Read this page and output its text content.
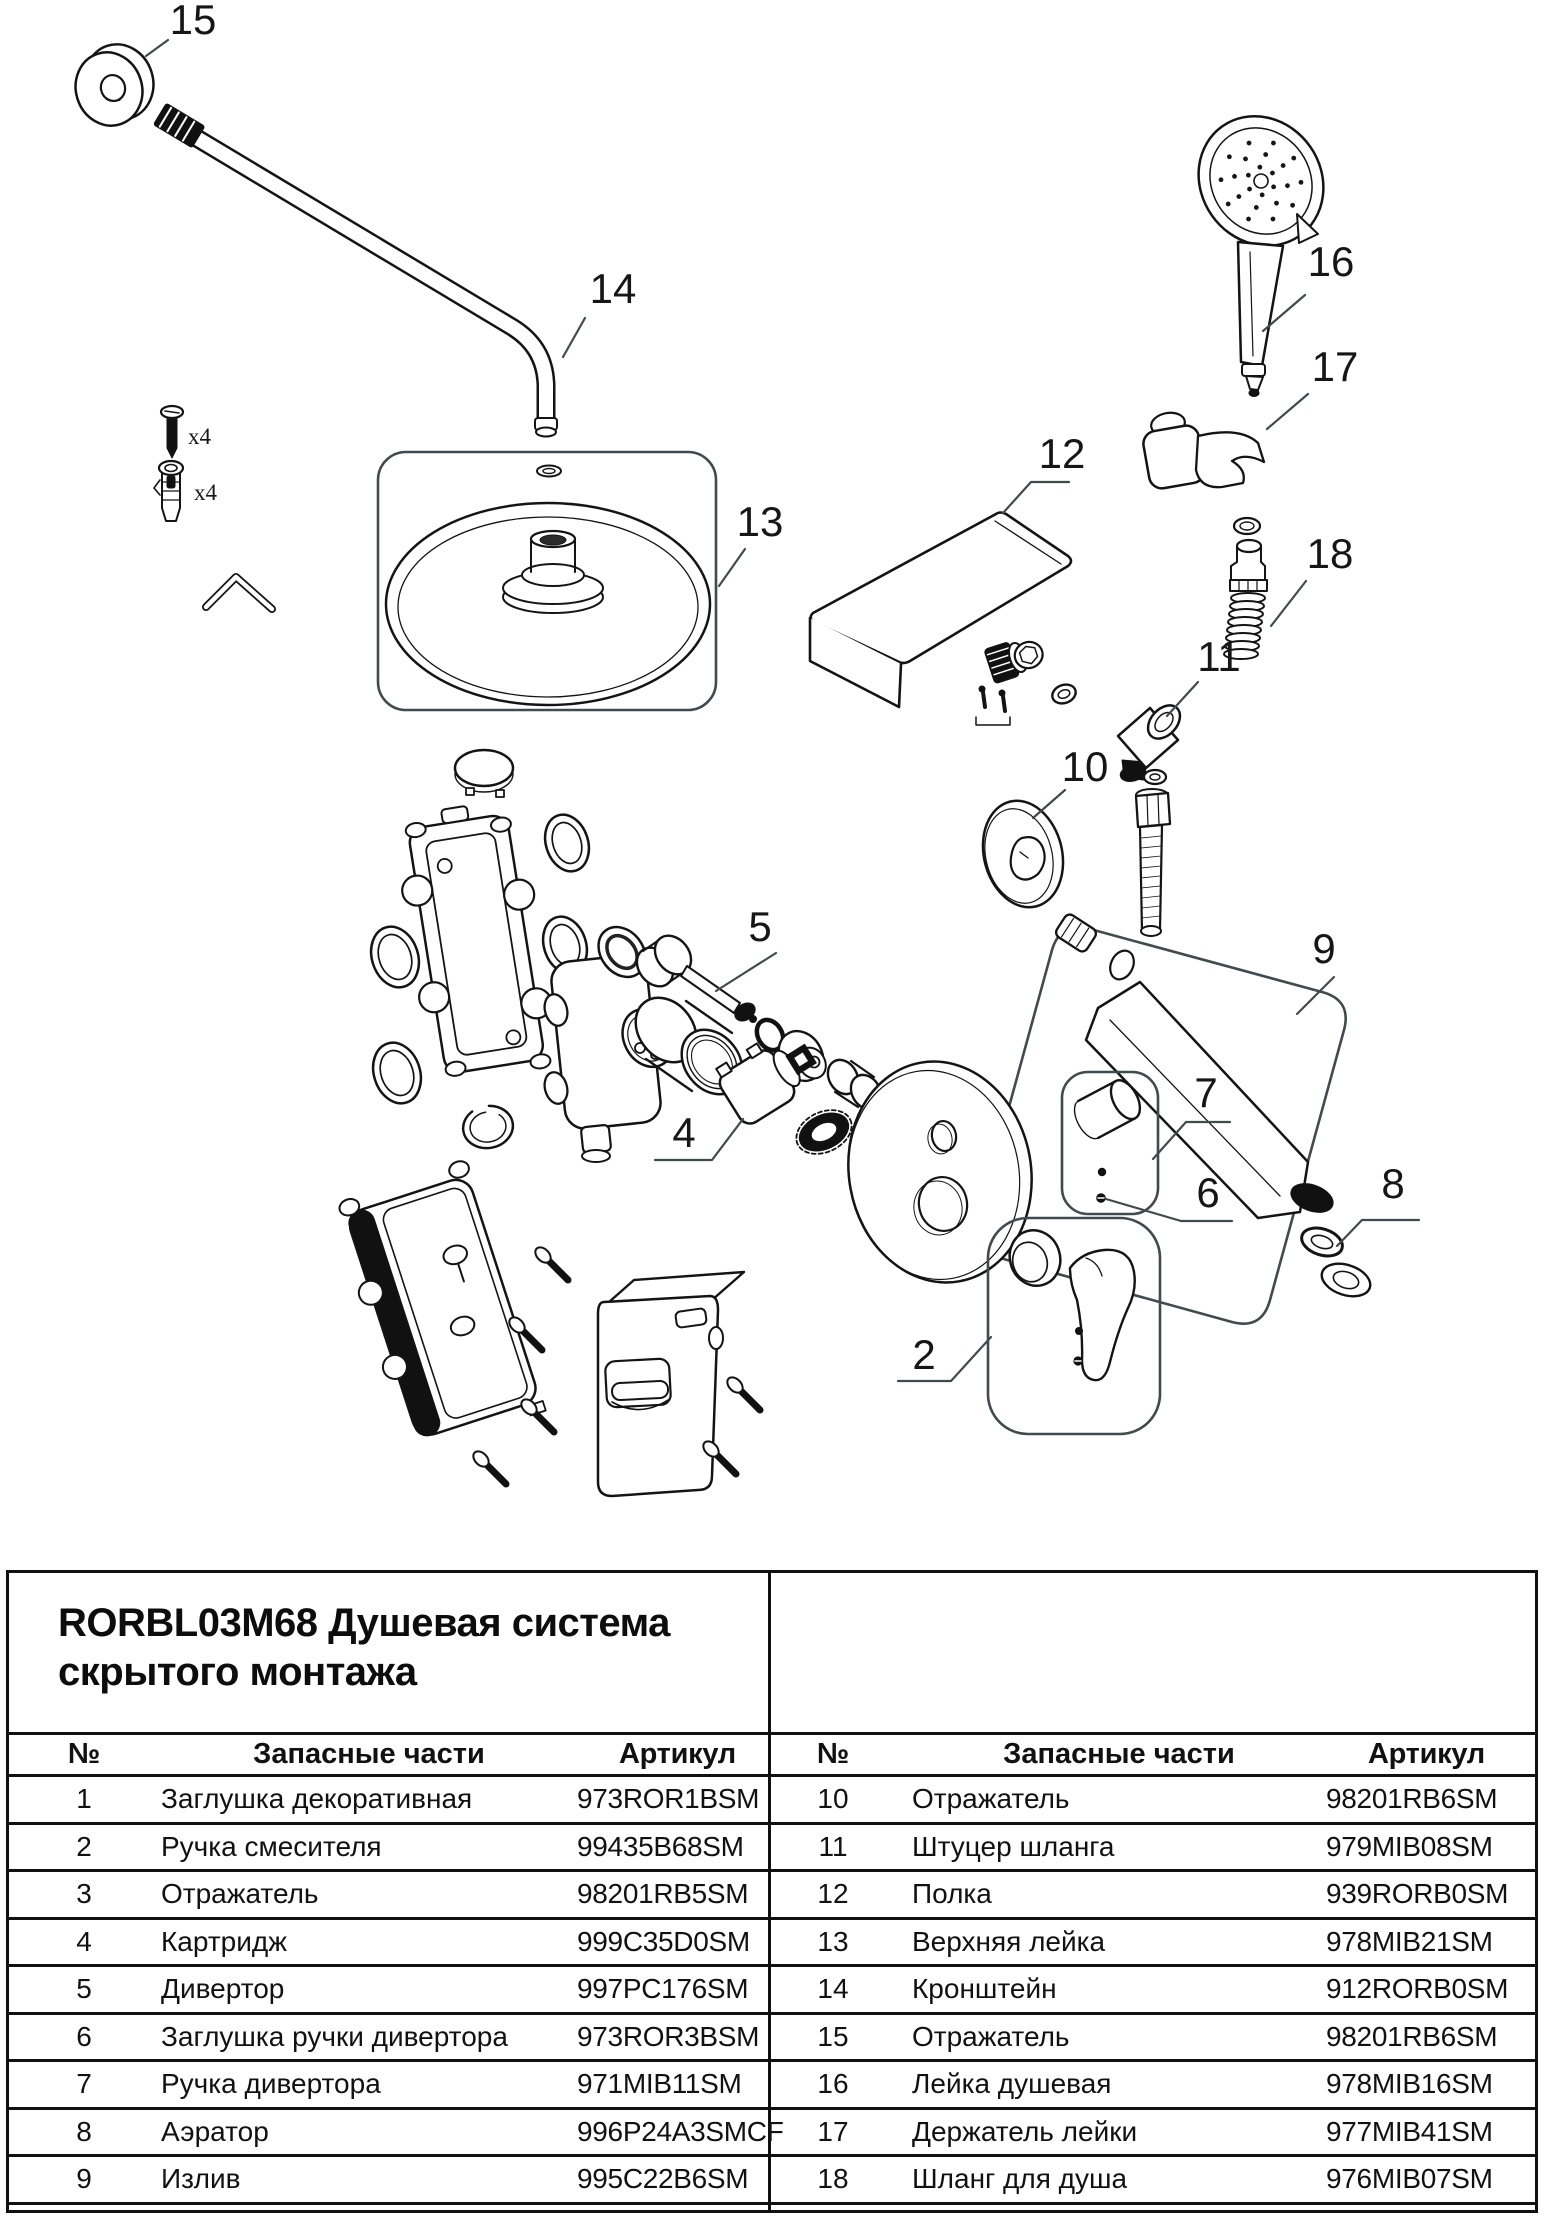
15
14
x4
x4
13
12
16
17
18
11
10
9
8
7
6
5
4
2
RORBL03M68 Душевая система
скрытого монтажа
№	Запасные части	Артикул
1	Заглушка декоративная	973ROR1BSM
2	Ручка смесителя	99435B68SM
3	Отражатель	98201RB5SM
4	Картридж	999C35D0SM
5	Дивертор	997PC176SM
6	Заглушка ручки дивертора	973ROR3BSM
7	Ручка дивертора	971MIB11SM
8	Аэратор	996P24A3SMCF
9	Излив	995C22B6SM
№	Запасные части	Артикул
10	Отражатель	98201RB6SM
11	Штуцер шланга	979MIB08SM
12	Полка	939RORB0SM
13	Верхняя лейка	978MIB21SM
14	Кронштейн	912RORB0SM
15	Отражатель	98201RB6SM
16	Лейка душевая	978MIB16SM
17	Держатель лейки	977MIB41SM
18	Шланг для душа	976MIB07SM
